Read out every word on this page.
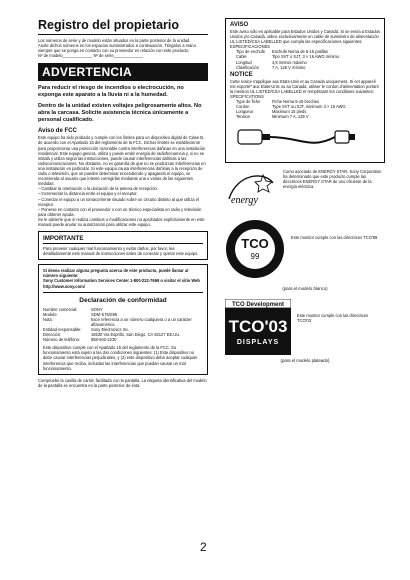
Registro del propietario

Los números de serie y de modelo están situados en la parte posterior de la unidad.

Anote dichos números en los espacios suministrados a continuación. Téngalos a mano siempre que se ponga en contacto con su proveedor en relación con este producto.

Nº de modelo_____________ Nº de serie_____________

ADVERTENCIA

Para reducir el riesgo de incendios o electrocución, no exponga este aparato a la lluvia ni a la humedad.

Dentro de la unidad existen voltajes peligrosamente altos. No abra la carcasa. Solicite asistencia técnica únicamente a personal cualificado.

Aviso de FCC

Este equipo ha sido probado y cumple con los límites para un dispositivo digital de Clase B, de acuerdo con el Apartado 15 del reglamento de la FCC. Dichos límites se establecieron para proporcionar una protección razonable contra interferencias dañinas en una instalación residencial. Este equipo genera, utiliza y puede emitir energía de radiofrecuencia y, si no se instala y utiliza según las instrucciones, puede causar interferencias dañinas a las radiocomunicaciones. No obstante, no es garantía de que no se produzcan interferencias en una instalación en particular. Si este equipo causa interferencias dañinas a la recepción de radio o televisión, que se pueden determinar encendiendo y apagando el equipo, se recomienda al usuario que intente corregirlas mediante una o varias de las siguientes medidas:

– Cambiar la orientación o la ubicación de la antena de recepción.

– Incrementar la distancia entre el equipo y el receptor.

– Conectar el equipo a un tomacorriente situado sobre un circuito distinto al que utiliza el receptor.

– Ponerse en contacto con el proveedor o con un técnico especialista en radio y televisión para obtener ayuda.

Se le advierte que si realiza cambios o modificaciones no aprobados explícitamente en este manual puede anular su autorización para utilizar este equipo.

IMPORTANTE

Para prevenir cualquier mal funcionamiento y evitar daños, por favor, lea detalladamente este manual de instrucciones antes de conectar y operar este equipo.

Si desea realizar alguna pregunta acerca de este producto, puede llamar al número siguiente:

Sony Customer Information Services Center 1-800-222-7669 o visitar el sitio Web http://www.sony.com/

Declaración de conformidad
Nombre comercial:	SONY
Modelo:	SDM-S75/S95
Nota:	hace referencia a un número cualquiera o a un carácter alfanumérico.
Entidad responsable:	Sony Electronics Inc.
Dirección:	16530 Via Esprillo, San Diego, CA 92127 EE.UU.
Número de teléfono:	858-942-2230

Este dispositivo cumple con el Apartado 15 del reglamento de la FCC. Su funcionamiento está sujeto a las dos condiciones siguientes: (1) Este dispositivo no debe causar interferencias perjudiciales, y (2) este dispositivo debe aceptar cualquier interferencia que reciba, incluidas las interferencias que puedan causar un mal funcionamiento.

Compruebe la casilla de cartón facilitada con la pantalla. La etiqueta identificativa del modelo de la pantalla se encuentra en la parte posterior de ésta.

AVISO

Este aviso sólo es aplicable para Estados Unidos y Canadá. Si se envía a Estados Unidos y/o Canadá, utilice exclusivamente un cable de suministro de alimentación UL LISTED/CSA LABELLED que cumpla las especificaciones siguientes:

ESPECIFICACIONES

Tipo de enchufe	Enchufe Nema de 5-15 patillas
Cable	Tipo SVT o SJT, 3 × 16 AWG mínimo
Longitud	4,5 metros máximo
Clasificación	7 A, 125 V mínimo
NOTICE

Cette notice s'applique aux Etats-Unis et au Canada uniquement. Si cet appareil est exporté* aux Etats-Unis ou au Canada, utiliser le cordon d'alimentation portant la mention UL LISTED/CSA LABELLED et remplissant les conditions suivantes:

SPECIFICATIONS

Type de fiche	Fiche Nema 5-15 broches
Cordon	Type SVT ou SJT, minimum 3 × 16 AWG
Longueur	Maximum 15 pieds
Tension	Minimum 7 A, 125 V
energy

Como asociado de ENERGY STAR, Sony Corporation ha determinado que este producto cumple las directrices ENERGY STAR de uso eficiente de la energía eléctrica.

TCO
99

Este monitor cumple con las directrices TCO'99

(para el modelo blanco)
TCO Development
TCO'03
DISPLAYS

Este monitor cumple con las directrices TCO'03

(para el modelo plateado)
2
